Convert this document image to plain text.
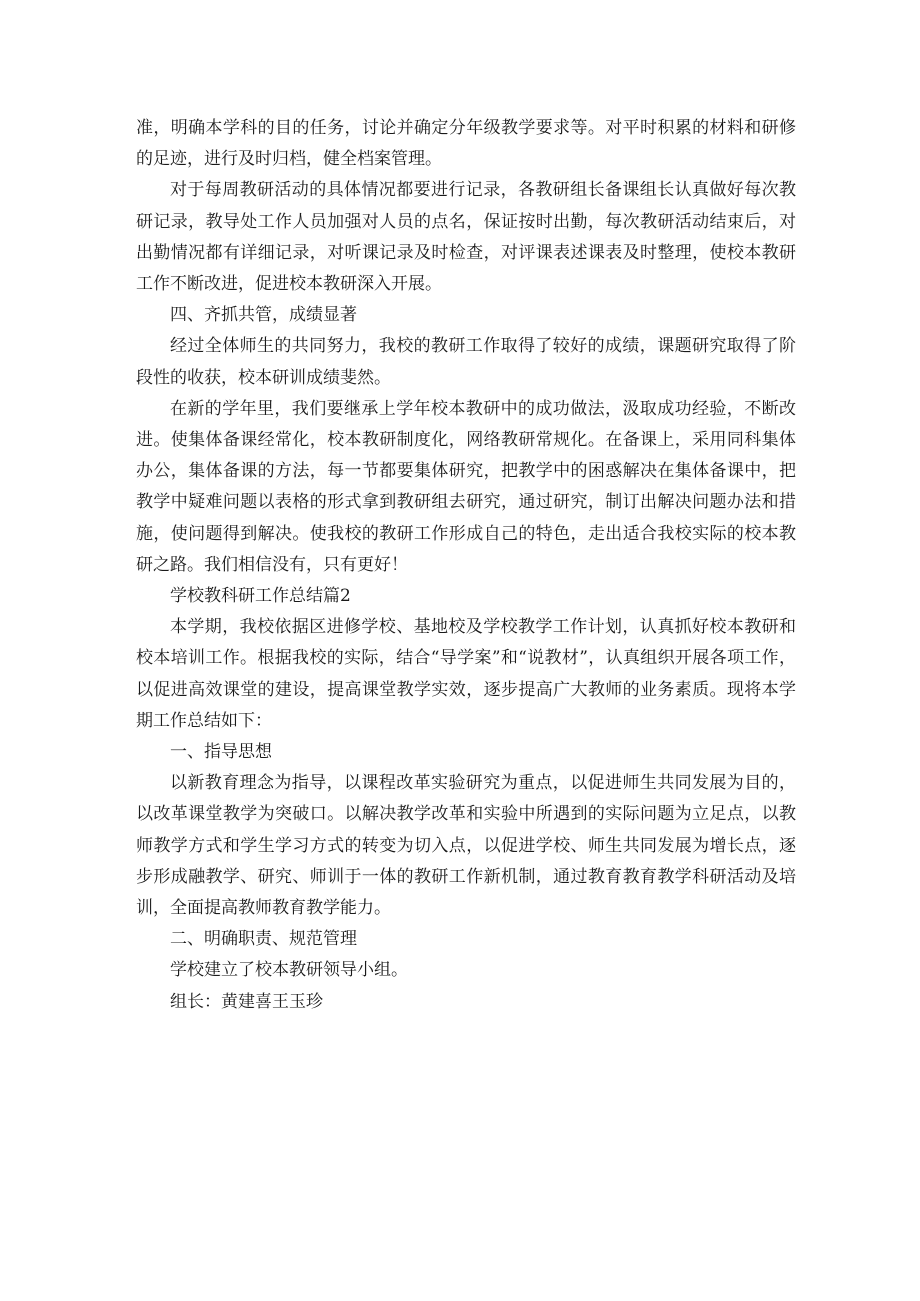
准，明确本学科的目的任务，讨论并确定分年级教学要求等。对平时积累的材料和研修的足迹，进行及时归档，健全档案管理。

对于每周教研活动的具体情况都要进行记录，各教研组长备课组长认真做好每次教研记录，教导处工作人员加强对人员的点名，保证按时出勤，每次教研活动结束后，对出勤情况都有详细记录，对听课记录及时检查，对评课表述课表及时整理，使校本教研工作不断改进，促进校本教研深入开展。

四、齐抓共管，成绩显著

经过全体师生的共同努力，我校的教研工作取得了较好的成绩，课题研究取得了阶段性的收获，校本研训成绩斐然。

在新的学年里，我们要继承上学年校本教研中的成功做法，汲取成功经验，不断改进。使集体备课经常化，校本教研制度化，网络教研常规化。在备课上，采用同科集体办公，集体备课的方法，每一节都要集体研究，把教学中的困惑解决在集体备课中，把教学中疑难问题以表格的形式拿到教研组去研究，通过研究，制订出解决问题办法和措施，使问题得到解决。使我校的教研工作形成自己的特色，走出适合我校实际的校本教研之路。我们相信没有，只有更好！

学校教科研工作总结篇2

本学期，我校依据区进修学校、基地校及学校教学工作计划，认真抓好校本教研和校本培训工作。根据我校的实际，结合“导学案”和“说教材”，认真组织开展各项工作，以促进高效课堂的建设，提高课堂教学实效，逐步提高广大教师的业务素质。现将本学期工作总结如下：

一、指导思想

以新教育理念为指导，以课程改革实验研究为重点，以促进师生共同发展为目的，以改革课堂教学为突破口。以解决教学改革和实验中所遇到的实际问题为立足点，以教师教学方式和学生学习方式的转变为切入点，以促进学校、师生共同发展为增长点，逐步形成融教学、研究、师训于一体的教研工作新机制，通过教育教育教学科研活动及培训，全面提高教师教育教学能力。

二、明确职责、规范管理

学校建立了校本教研领导小组。

组长：黄建喜王玉珍
